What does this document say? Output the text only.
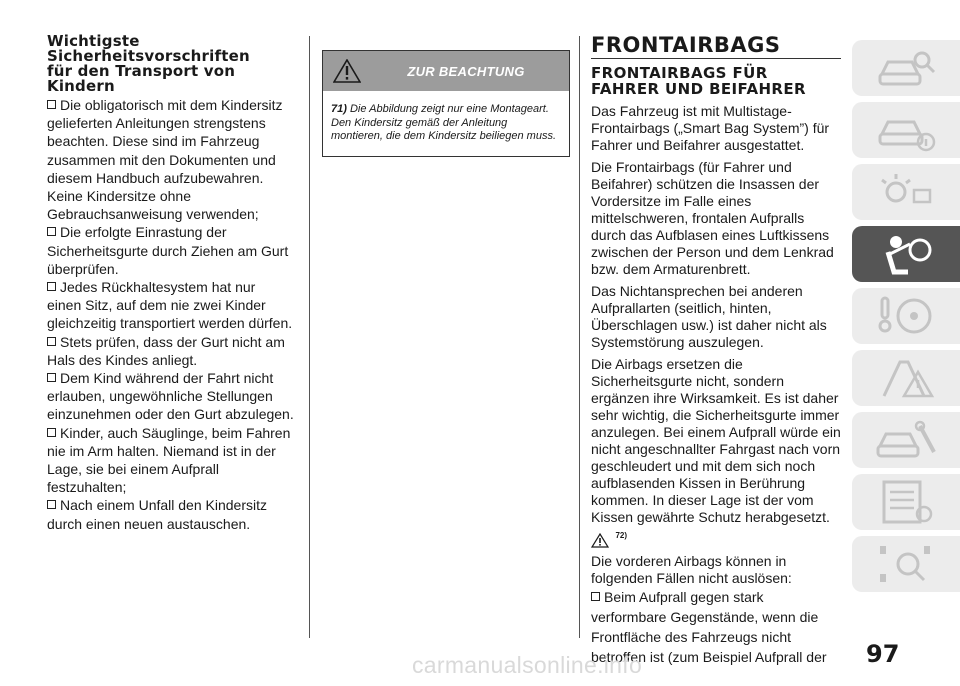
Wichtigste
Sicherheitsvorschriften
für den Transport von
Kindern
Die obligatorisch mit dem Kindersitz
gelieferten Anleitungen strengstens
beachten. Diese sind im Fahrzeug
zusammen mit den Dokumenten und
diesem Handbuch aufzubewahren.
Keine Kindersitze ohne
Gebrauchsanweisung verwenden;
Die erfolgte Einrastung der
Sicherheitsgurte durch Ziehen am Gurt
überprüfen.
Jedes Rückhaltesystem hat nur
einen Sitz, auf dem nie zwei Kinder
gleichzeitig transportiert werden dürfen.
Stets prüfen, dass der Gurt nicht am
Hals des Kindes anliegt.
Dem Kind während der Fahrt nicht
erlauben, ungewöhnliche Stellungen
einzunehmen oder den Gurt abzulegen.
Kinder, auch Säuglinge, beim Fahren
nie im Arm halten. Niemand ist in der
Lage, sie bei einem Aufprall
festzuhalten;
Nach einem Unfall den Kindersitz
durch einen neuen austauschen.
ZUR BEACHTUNG
71) Die Abbildung zeigt nur eine Montageart. Den Kindersitz gemäß der Anleitung montieren, die dem Kindersitz beiliegen muss.
FRONTAIRBAGS
FRONTAIRBAGS FÜR
FAHRER UND BEIFAHRER

Das Fahrzeug ist mit Multistage-Frontairbags („Smart Bag System”) für Fahrer und Beifahrer ausgestattet.

Die Frontairbags (für Fahrer und Beifahrer) schützen die Insassen der Vordersitze im Falle eines mittelschweren, frontalen Aufpralls durch das Aufblasen eines Luftkissens zwischen der Person und dem Lenkrad bzw. dem Armaturenbrett.

Das Nichtansprechen bei anderen Aufprallarten (seitlich, hinten, Überschlagen usw.) ist daher nicht als Systemstörung auszulegen.

Die Airbags ersetzen die Sicherheitsgurte nicht, sondern ergänzen ihre Wirksamkeit. Es ist daher sehr wichtig, die Sicherheitsgurte immer anzulegen. Bei einem Aufprall würde ein nicht angeschnallter Fahrgast nach vorn geschleudert und mit dem sich noch aufblasenden Kissen in Berührung kommen. In dieser Lage ist der vom Kissen gewährte Schutz herabgesetzt.

$^{72)}$

Die vorderen Airbags können in folgenden Fällen nicht auslösen:

Beim Aufprall gegen stark
verformbare Gegenstände, wenn die
Frontfläche des Fahrzeugs nicht
betroffen ist (zum Beispiel Aufprall der	97
carmanualsonline.info
